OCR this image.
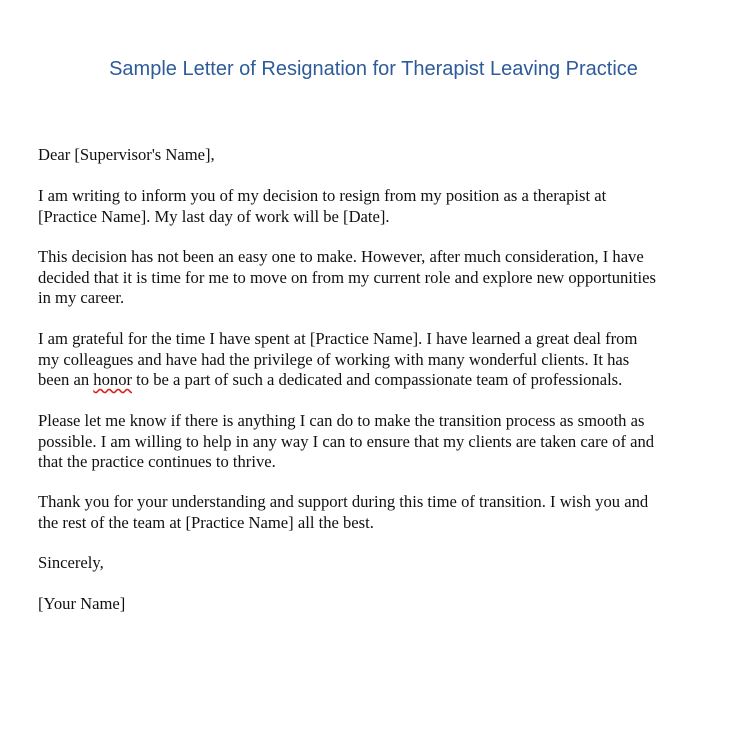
Sample Letter of Resignation for Therapist Leaving Practice

Dear [Supervisor's Name],

I am writing to inform you of my decision to resign from my position as a therapist at
[Practice Name]. My last day of work will be [Date].

This decision has not been an easy one to make. However, after much consideration, I have
decided that it is time for me to move on from my current role and explore new opportunities
in my career.

I am grateful for the time I have spent at [Practice Name]. I have learned a great deal from
my colleagues and have had the privilege of working with many wonderful clients. It has
been an honor to be a part of such a dedicated and compassionate team of professionals.

Please let me know if there is anything I can do to make the transition process as smooth as
possible. I am willing to help in any way I can to ensure that my clients are taken care of and
that the practice continues to thrive.

Thank you for your understanding and support during this time of transition. I wish you and
the rest of the team at [Practice Name] all the best.

Sincerely,

[Your Name]
